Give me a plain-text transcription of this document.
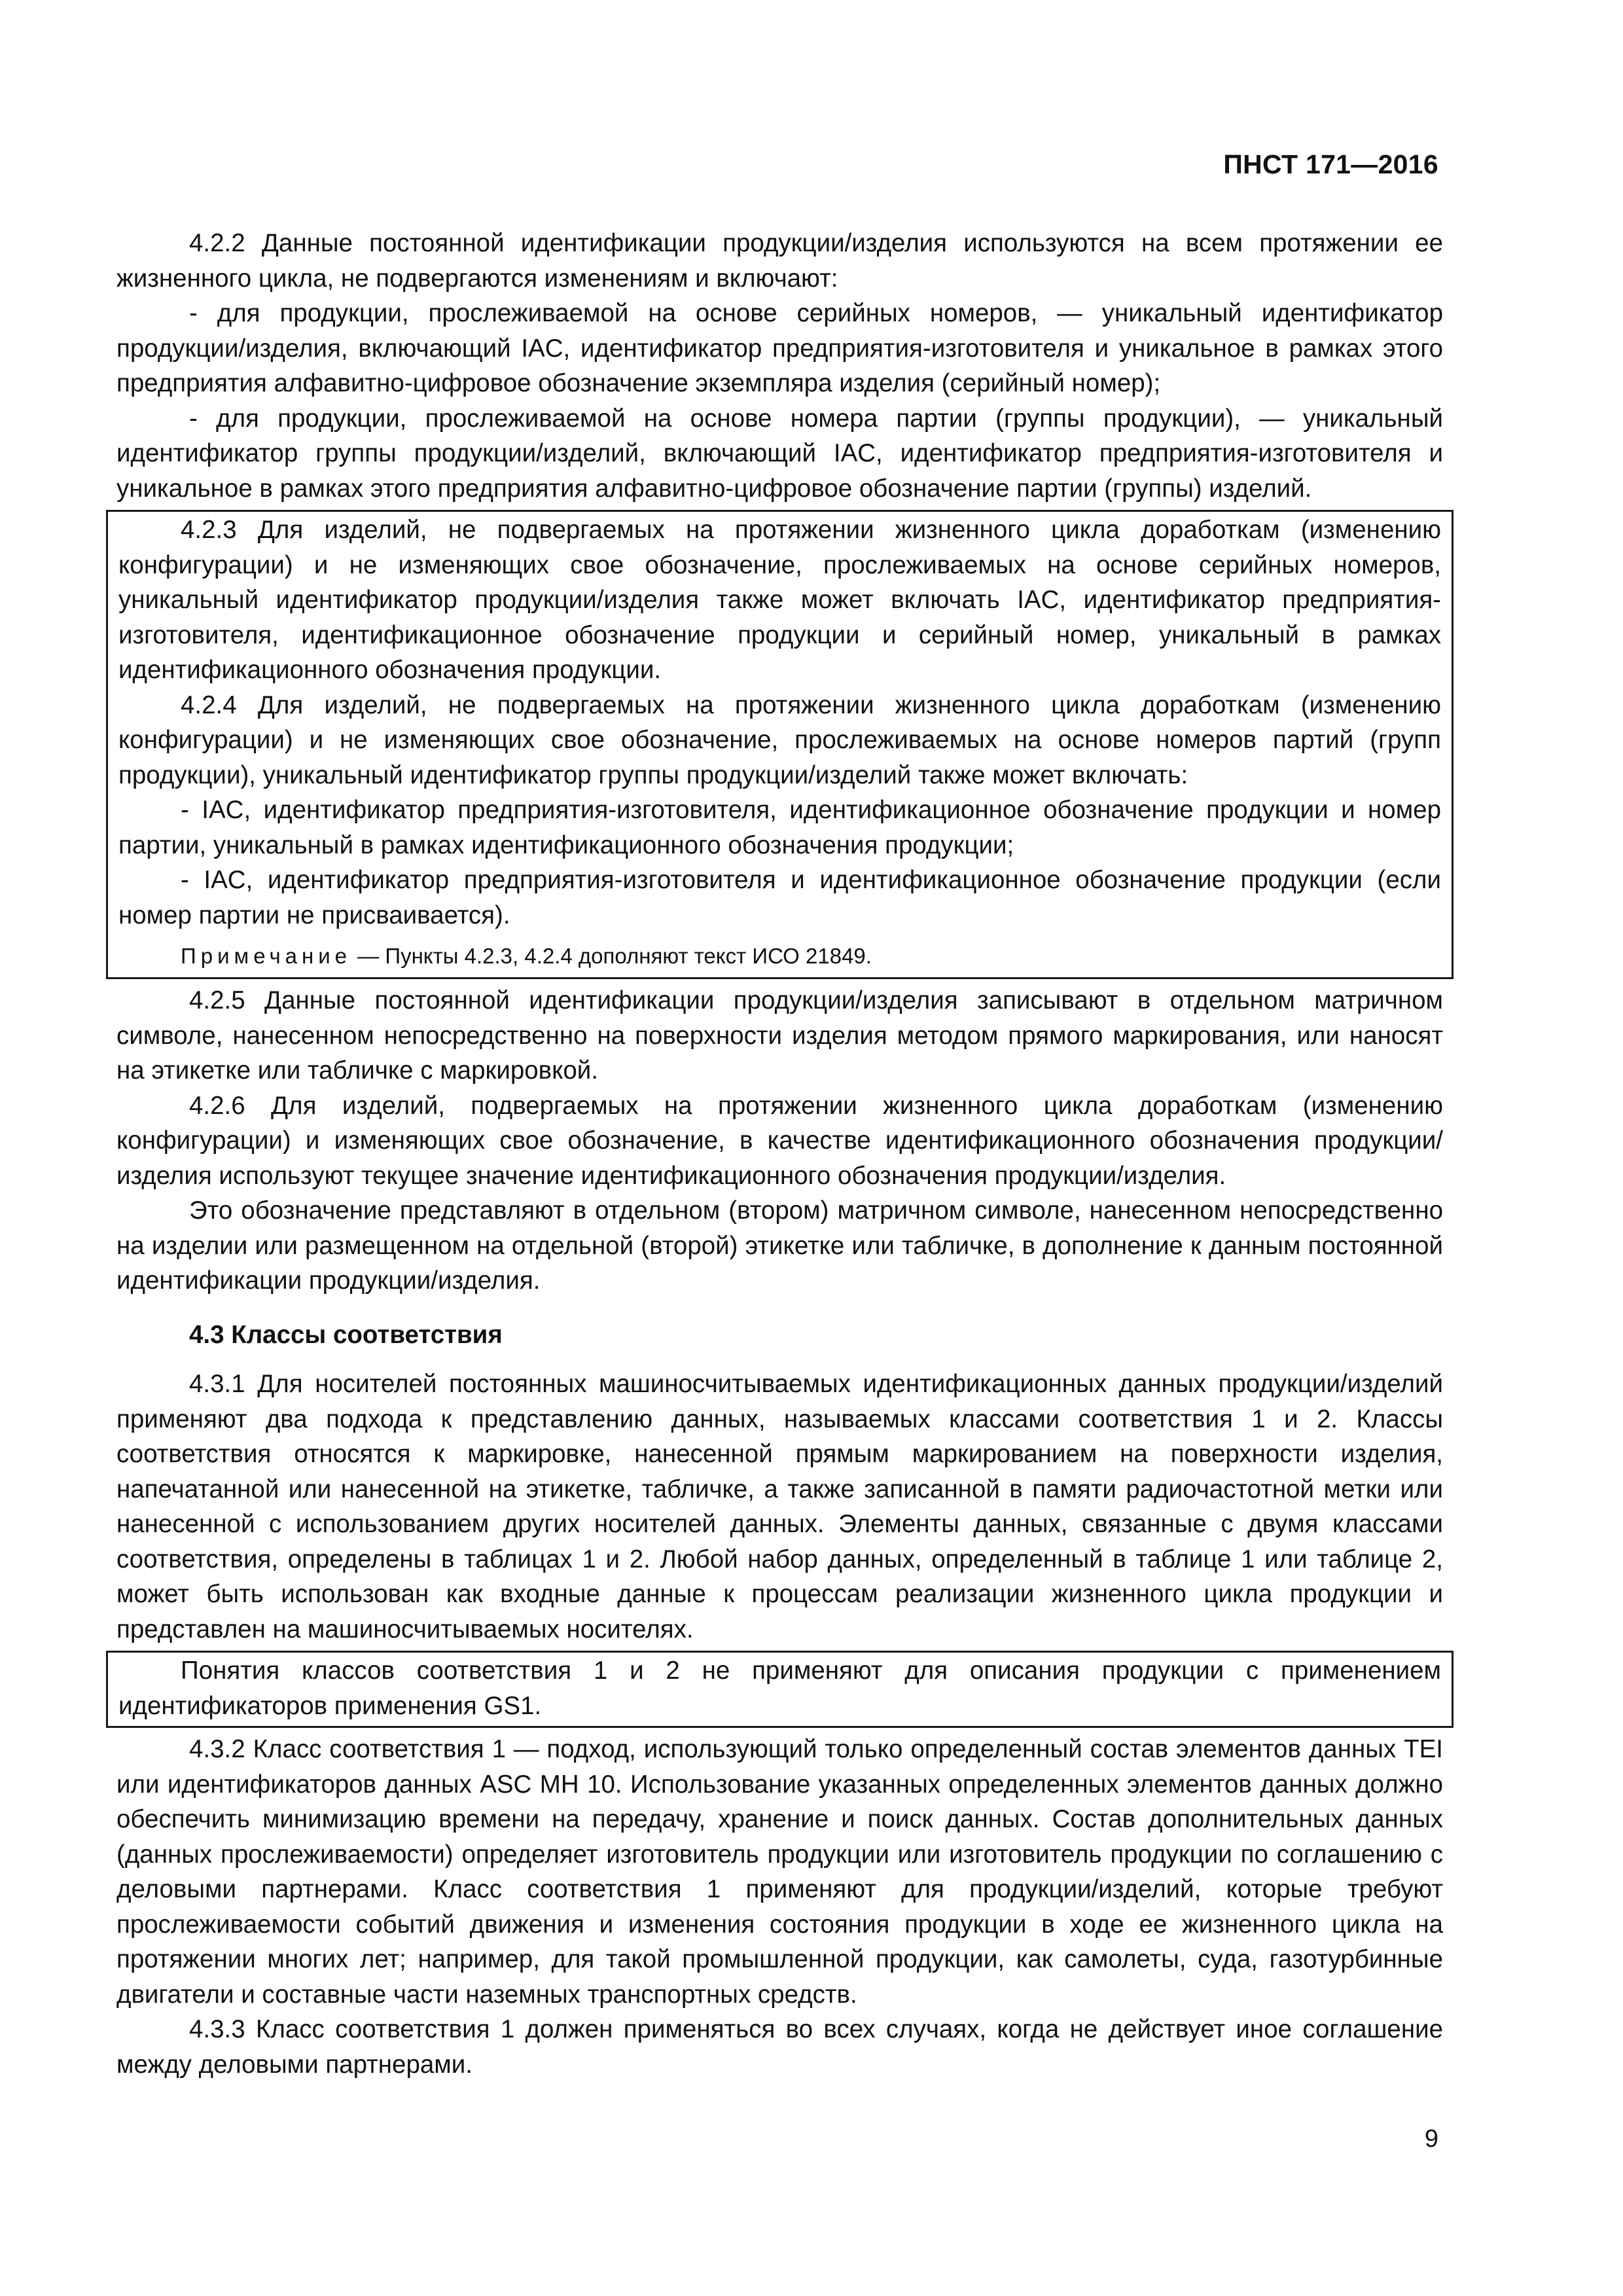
ПНСТ 171—2016

4.2.2 Данные постоянной идентификации продукции/изделия используются на всем протяжении ее жизненного цикла, не подвергаются изменениям и включают:

- для продукции, прослеживаемой на основе серийных номеров, — уникальный идентификатор продукции/изделия, включающий IAC, идентификатор предприятия-изготовителя и уникальное в рамках этого предприятия алфавитно-цифровое обозначение экземпляра изделия (серийный номер);

- для продукции, прослеживаемой на основе номера партии (группы продукции), — уникальный идентификатор группы продукции/изделий, включающий IAC, идентификатор предприятия-изготовителя и уникальное в рамках этого предприятия алфавитно-цифровое обозначение партии (группы) изделий.

4.2.3 Для изделий, не подвергаемых на протяжении жизненного цикла доработкам (изменению конфигурации) и не изменяющих свое обозначение, прослеживаемых на основе серийных номеров, уникальный идентификатор продукции/изделия также может включать IAC, идентификатор предприятия-изготовителя, идентификационное обозначение продукции и серийный номер, уникальный в рамках идентификационного обозначения продукции.

4.2.4 Для изделий, не подвергаемых на протяжении жизненного цикла доработкам (изменению конфигурации) и не изменяющих свое обозначение, прослеживаемых на основе номеров партий (групп продукции), уникальный идентификатор группы продукции/изделий также может включать:

- IAC, идентификатор предприятия-изготовителя, идентификационное обозначение продукции и номер партии, уникальный в рамках идентификационного обозначения продукции;

- IAC, идентификатор предприятия-изготовителя и идентификационное обозначение продукции (если номер партии не присваивается).

Примечание — Пункты 4.2.3, 4.2.4 дополняют текст ИСО 21849.

4.2.5 Данные постоянной идентификации продукции/изделия записывают в отдельном матричном символе, нанесенном непосредственно на поверхности изделия методом прямого маркирования, или наносят на этикетке или табличке с маркировкой.

4.2.6 Для изделий, подвергаемых на протяжении жизненного цикла доработкам (изменению конфигурации) и изменяющих свое обозначение, в качестве идентификационного обозначения продукции/изделия используют текущее значение идентификационного обозначения продукции/изделия.

Это обозначение представляют в отдельном (втором) матричном символе, нанесенном непосредственно на изделии или размещенном на отдельной (второй) этикетке или табличке, в дополнение к данным постоянной идентификации продукции/изделия.

4.3 Классы соответствия

4.3.1 Для носителей постоянных машиносчитываемых идентификационных данных продукции/изделий применяют два подхода к представлению данных, называемых классами соответствия 1 и 2. Классы соответствия относятся к маркировке, нанесенной прямым маркированием на поверхности изделия, напечатанной или нанесенной на этикетке, табличке, а также записанной в памяти радиочастотной метки или нанесенной с использованием других носителей данных. Элементы данных, связанные с двумя классами соответствия, определены в таблицах 1 и 2. Любой набор данных, определенный в таблице 1 или таблице 2, может быть использован как входные данные к процессам реализации жизненного цикла продукции и представлен на машиносчитываемых носителях.

Понятия классов соответствия 1 и 2 не применяют для описания продукции с применением идентификаторов применения GS1.

4.3.2 Класс соответствия 1 — подход, использующий только определенный состав элементов данных TEI или идентификаторов данных ASC MH 10. Использование указанных определенных элементов данных должно обеспечить минимизацию времени на передачу, хранение и поиск данных. Состав дополнительных данных (данных прослеживаемости) определяет изготовитель продукции или изготовитель продукции по соглашению с деловыми партнерами. Класс соответствия 1 применяют для продукции/изделий, которые требуют прослеживаемости событий движения и изменения состояния продукции в ходе ее жизненного цикла на протяжении многих лет; например, для такой промышленной продукции, как самолеты, суда, газотурбинные двигатели и составные части наземных транспортных средств.

4.3.3 Класс соответствия 1 должен применяться во всех случаях, когда не действует иное соглашение между деловыми партнерами.

9
